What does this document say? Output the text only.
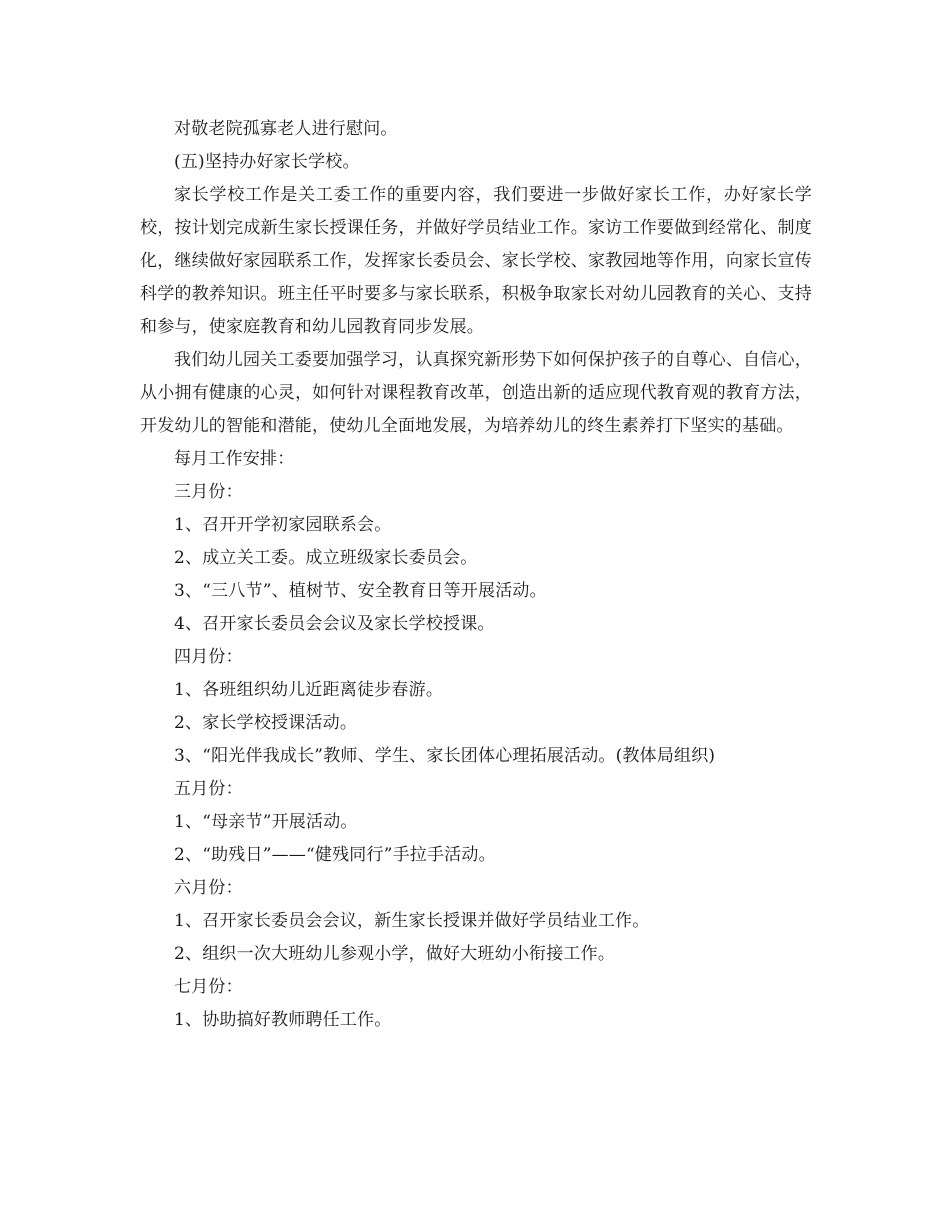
对敬老院孤寡老人进行慰问。
(五)坚持办好家长学校。
家长学校工作是关工委工作的重要内容，我们要进一步做好家长工作，办好家长学校，按计划完成新生家长授课任务，并做好学员结业工作。家访工作要做到经常化、制度化，继续做好家园联系工作，发挥家长委员会、家长学校、家教园地等作用，向家长宣传科学的教养知识。班主任平时要多与家长联系，积极争取家长对幼儿园教育的关心、支持和参与，使家庭教育和幼儿园教育同步发展。
我们幼儿园关工委要加强学习，认真探究新形势下如何保护孩子的自尊心、自信心，从小拥有健康的心灵，如何针对课程教育改革，创造出新的适应现代教育观的教育方法，开发幼儿的智能和潜能，使幼儿全面地发展，为培养幼儿的终生素养打下坚实的基础。
每月工作安排：
三月份：
1、召开开学初家园联系会。
2、成立关工委。成立班级家长委员会。
3、“三八节”、植树节、安全教育日等开展活动。
4、召开家长委员会会议及家长学校授课。
四月份：
1、各班组织幼儿近距离徒步春游。
2、家长学校授课活动。
3、“阳光伴我成长”教师、学生、家长团体心理拓展活动。(教体局组织)
五月份：
1、“母亲节”开展活动。
2、“助残日”——“健残同行”手拉手活动。
六月份：
1、召开家长委员会会议，新生家长授课并做好学员结业工作。
2、组织一次大班幼儿参观小学，做好大班幼小衔接工作。
七月份：
1、协助搞好教师聘任工作。
